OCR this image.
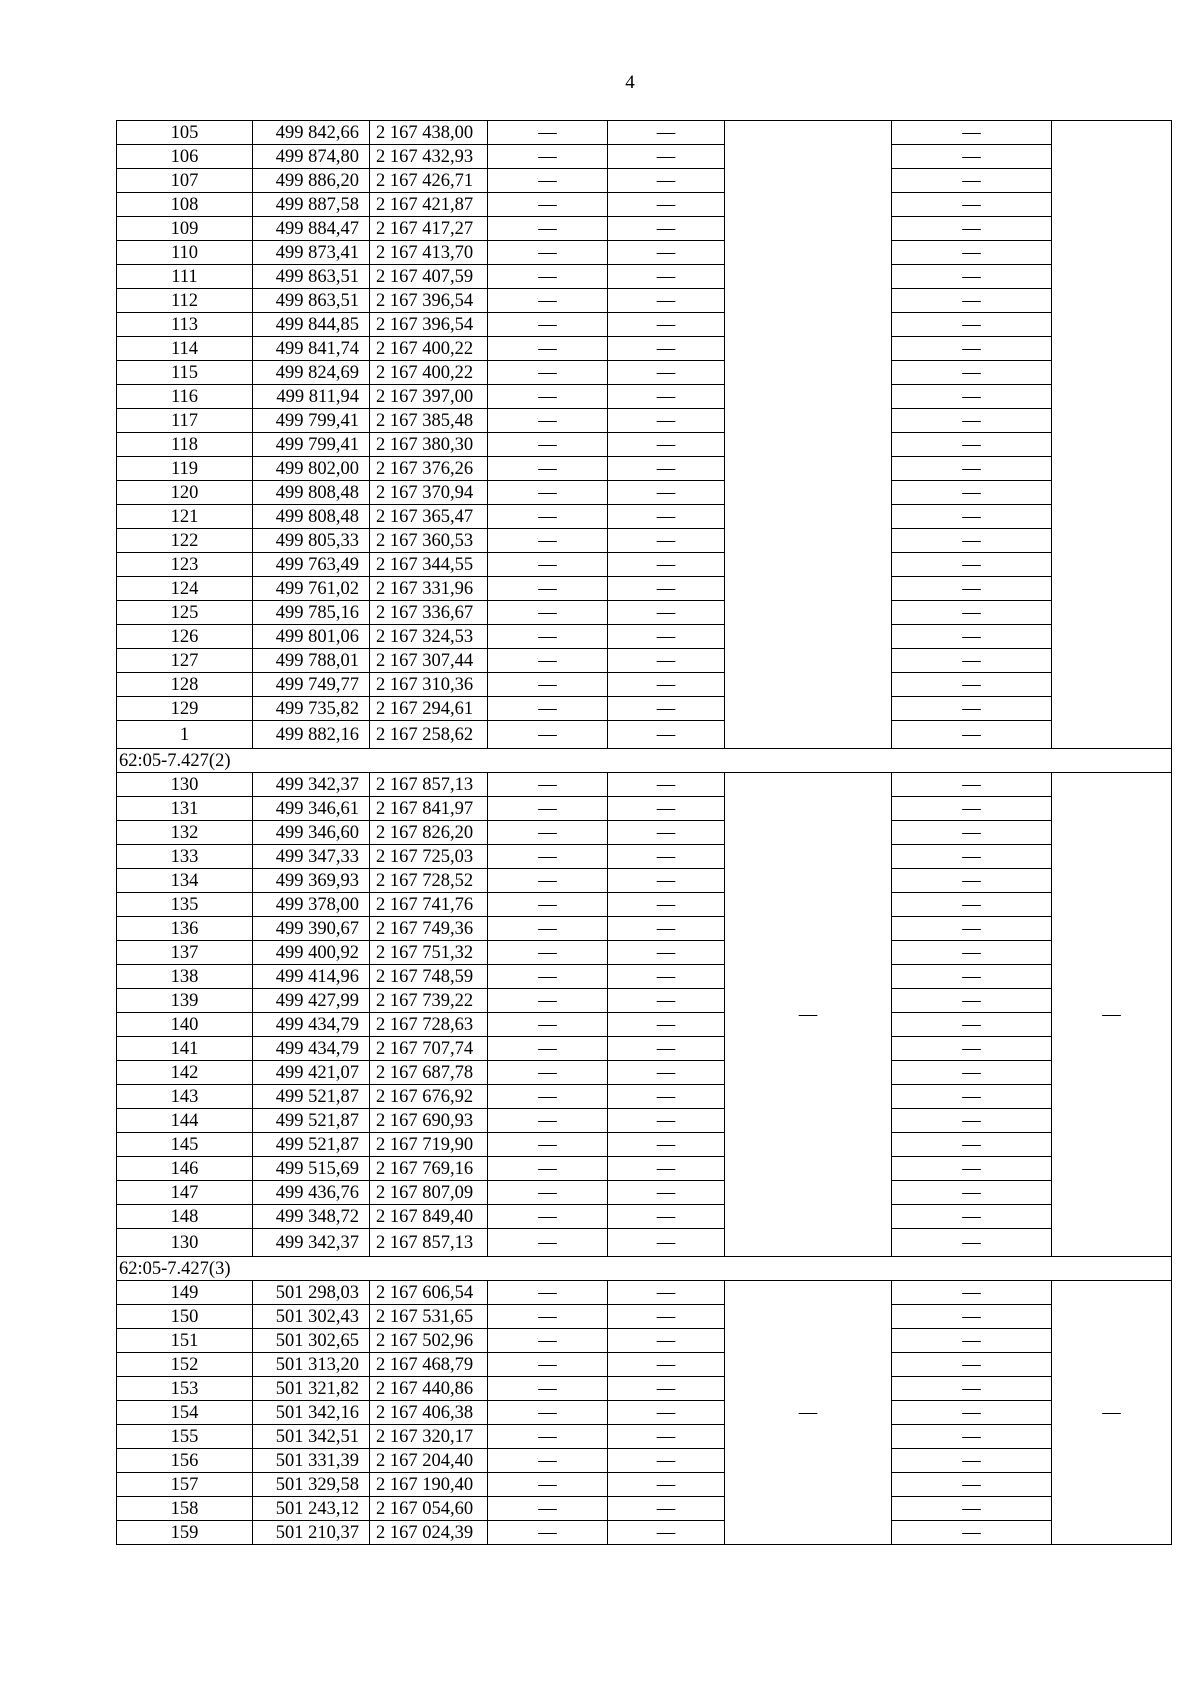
4
105	499 842,66	2 167 438,00	—	—		—	
106	499 874,80	2 167 432,93	—	—		—	
107	499 886,20	2 167 426,71	—	—		—	
108	499 887,58	2 167 421,87	—	—		—	
109	499 884,47	2 167 417,27	—	—		—	
110	499 873,41	2 167 413,70	—	—		—	
111	499 863,51	2 167 407,59	—	—		—	
112	499 863,51	2 167 396,54	—	—		—	
113	499 844,85	2 167 396,54	—	—		—	
114	499 841,74	2 167 400,22	—	—		—	
115	499 824,69	2 167 400,22	—	—		—	
116	499 811,94	2 167 397,00	—	—		—	
117	499 799,41	2 167 385,48	—	—		—	
118	499 799,41	2 167 380,30	—	—		—	
119	499 802,00	2 167 376,26	—	—		—	
120	499 808,48	2 167 370,94	—	—		—	
121	499 808,48	2 167 365,47	—	—		—	
122	499 805,33	2 167 360,53	—	—		—	
123	499 763,49	2 167 344,55	—	—		—	
124	499 761,02	2 167 331,96	—	—		—	
125	499 785,16	2 167 336,67	—	—		—	
126	499 801,06	2 167 324,53	—	—		—	
127	499 788,01	2 167 307,44	—	—		—	
128	499 749,77	2 167 310,36	—	—		—	
129	499 735,82	2 167 294,61	—	—		—	
1	499 882,16	2 167 258,62	—	—		—	
62:05-7.427(2)							
130	499 342,37	2 167 857,13	—	—	—	—	—
131	499 346,61	2 167 841,97	—	—		—	
132	499 346,60	2 167 826,20	—	—		—	
133	499 347,33	2 167 725,03	—	—		—	
134	499 369,93	2 167 728,52	—	—		—	
135	499 378,00	2 167 741,76	—	—		—	
136	499 390,67	2 167 749,36	—	—		—	
137	499 400,92	2 167 751,32	—	—		—	
138	499 414,96	2 167 748,59	—	—		—	
139	499 427,99	2 167 739,22	—	—		—	
140	499 434,79	2 167 728,63	—	—		—	
141	499 434,79	2 167 707,74	—	—		—	
142	499 421,07	2 167 687,78	—	—		—	
143	499 521,87	2 167 676,92	—	—		—	
144	499 521,87	2 167 690,93	—	—		—	
145	499 521,87	2 167 719,90	—	—		—	
146	499 515,69	2 167 769,16	—	—		—	
147	499 436,76	2 167 807,09	—	—		—	
148	499 348,72	2 167 849,40	—	—		—	
130	499 342,37	2 167 857,13	—	—		—	
62:05-7.427(3)							
149	501 298,03	2 167 606,54	—	—	—	—	—
150	501 302,43	2 167 531,65	—	—		—	
151	501 302,65	2 167 502,96	—	—		—	
152	501 313,20	2 167 468,79	—	—		—	
153	501 321,82	2 167 440,86	—	—		—	
154	501 342,16	2 167 406,38	—	—		—	
155	501 342,51	2 167 320,17	—	—		—	
156	501 331,39	2 167 204,40	—	—		—	
157	501 329,58	2 167 190,40	—	—		—	
158	501 243,12	2 167 054,60	—	—		—	
159	501 210,37	2 167 024,39	—	—		—	
